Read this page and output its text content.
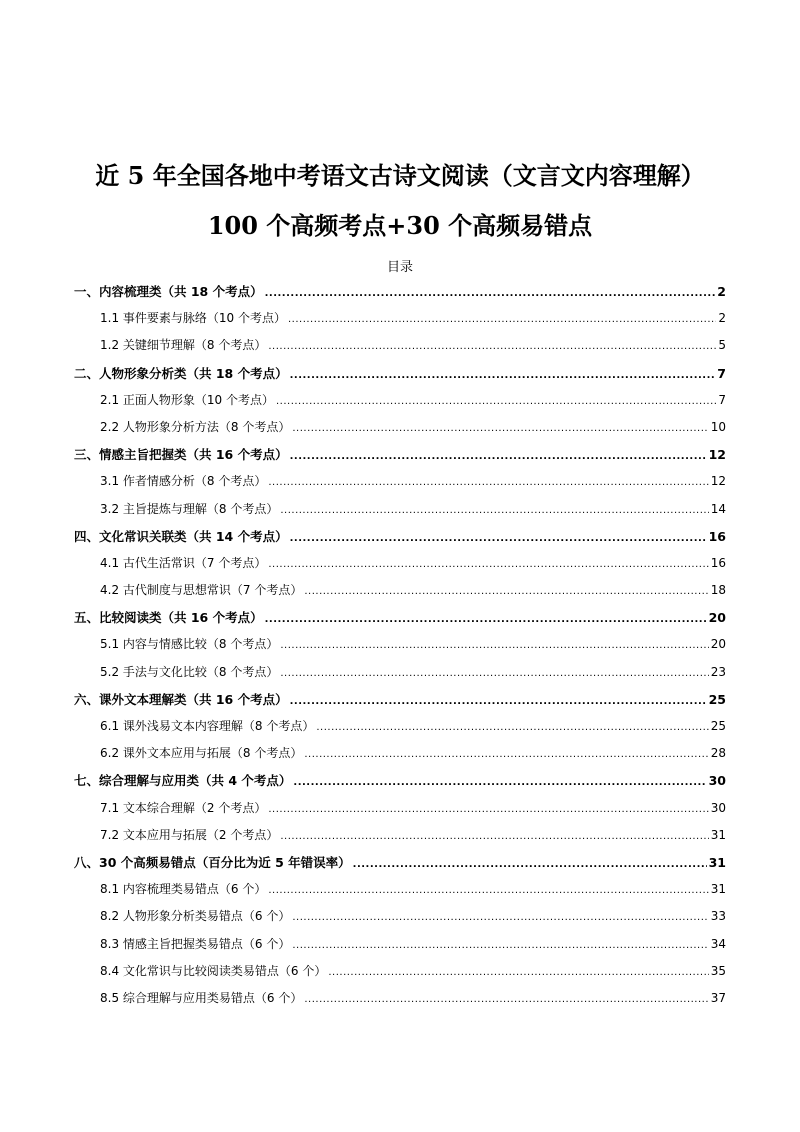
近 5 年全国各地中考语文古诗文阅读（文言文内容理解）
100 个高频考点+30 个高频易错点
目录
一、内容梳理类（共 18 个考点） .....	2
1.1 事件要素与脉络（10 个考点） .....	2
1.2 关键细节理解（8 个考点） .....	5
二、人物形象分析类（共 18 个考点） .....	7
2.1 正面人物形象（10 个考点） .....	7
2.2 人物形象分析方法（8 个考点） .....	10
三、情感主旨把握类（共 16 个考点） .....	12
3.1 作者情感分析（8 个考点） .....	12
3.2 主旨提炼与理解（8 个考点） .....	14
四、文化常识关联类（共 14 个考点） .....	16
4.1 古代生活常识（7 个考点） .....	16
4.2 古代制度与思想常识（7 个考点） .....	18
五、比较阅读类（共 16 个考点） .....	20
5.1 内容与情感比较（8 个考点） .....	20
5.2 手法与文化比较（8 个考点） .....	23
六、课外文本理解类（共 16 个考点） .....	25
6.1 课外浅易文本内容理解（8 个考点） .....	25
6.2 课外文本应用与拓展（8 个考点） .....	28
七、综合理解与应用类（共 4 个考点） .....	30
7.1 文本综合理解（2 个考点） .....	30
7.2 文本应用与拓展（2 个考点） .....	31
八、30 个高频易错点（百分比为近 5 年错误率） .....	31
8.1 内容梳理类易错点（6 个） .....	31
8.2 人物形象分析类易错点（6 个） .....	33
8.3 情感主旨把握类易错点（6 个） .....	34
8.4 文化常识与比较阅读类易错点（6 个） .....	35
8.5 综合理解与应用类易错点（6 个） .....	37
